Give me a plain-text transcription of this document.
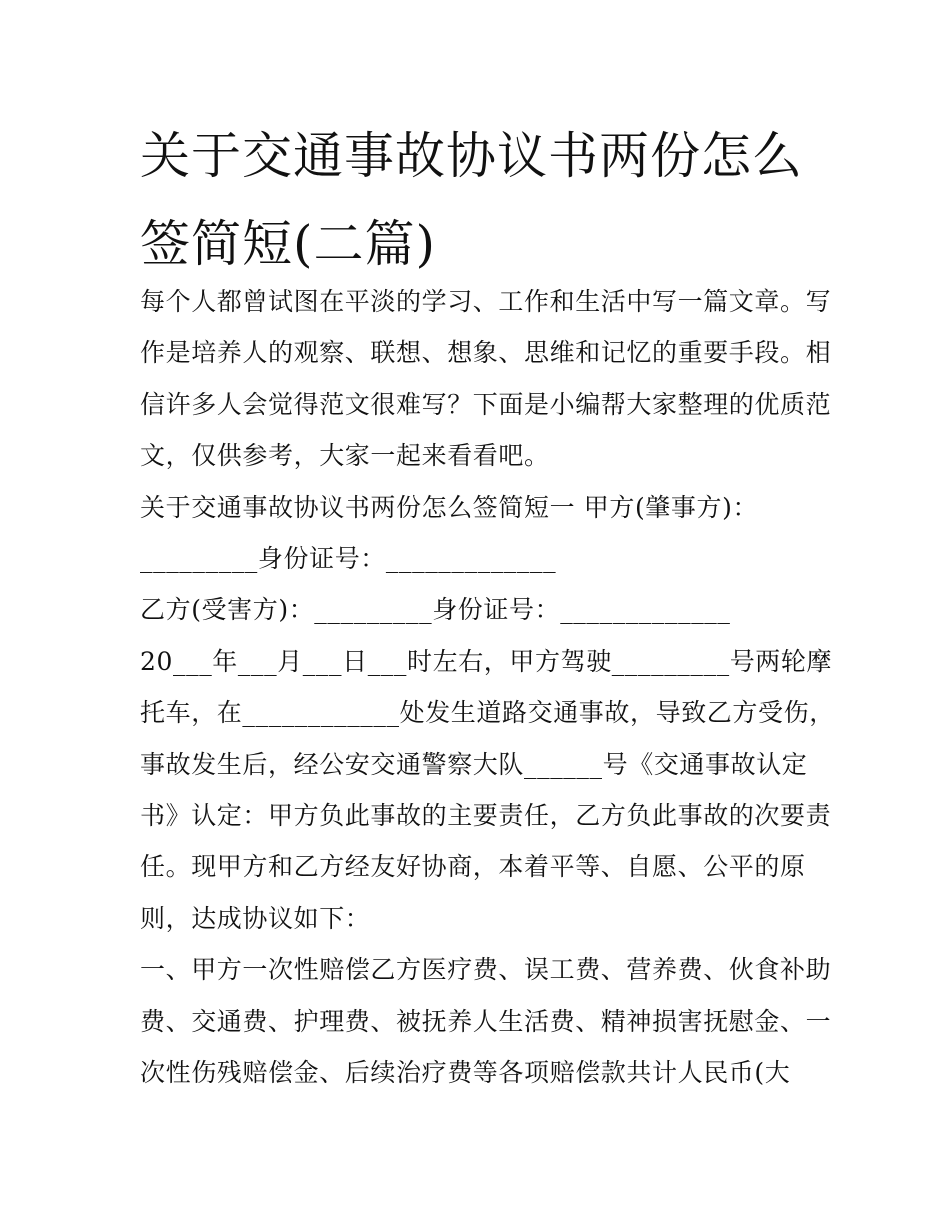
关于交通事故协议书两份怎么
签简短(二篇)
每个人都曾试图在平淡的学习、工作和生活中写一篇文章。写
作是培养人的观察、联想、想象、思维和记忆的重要手段。相
信许多人会觉得范文很难写？下面是小编帮大家整理的优质范
文，仅供参考，大家一起来看看吧。
关于交通事故协议书两份怎么签简短一 甲方(肇事方)：
_________身份证号：_____________
乙方(受害方)：_________身份证号：_____________
20___年___月___日___时左右，甲方驾驶_________号两轮摩
托车，在____________处发生道路交通事故，导致乙方受伤，
事故发生后，经公安交通警察大队______号《交通事故认定
书》认定：甲方负此事故的主要责任，乙方负此事故的次要责
任。现甲方和乙方经友好协商，本着平等、自愿、公平的原
则，达成协议如下：
一、甲方一次性赔偿乙方医疗费、误工费、营养费、伙食补助
费、交通费、护理费、被抚养人生活费、精神损害抚慰金、一
次性伤残赔偿金、后续治疗费等各项赔偿款共计人民币(大
